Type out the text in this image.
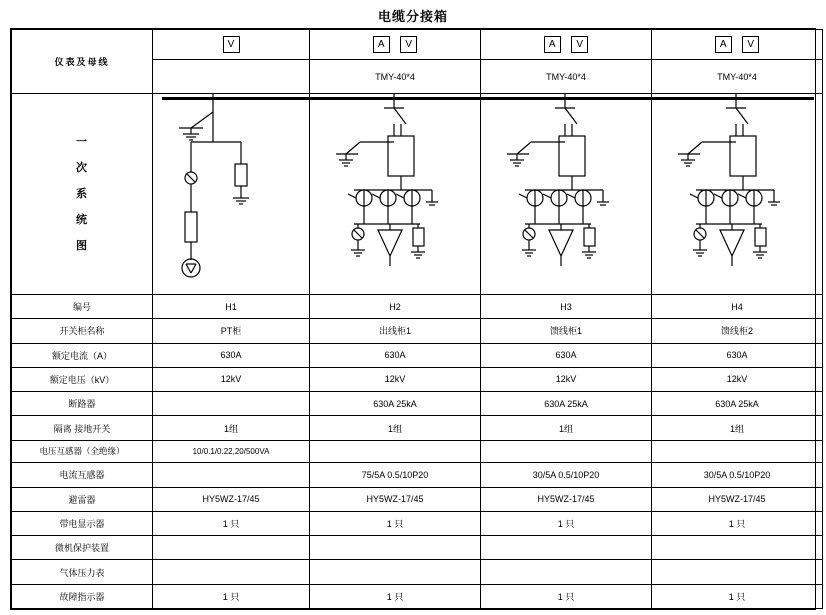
电缆分接箱
仪表及母线	V	A V	A V	A V
		TMY-40*4	TMY-40*4	TMY-40*4

一
次
系
统
图

编号	H1	H2	H3	H4
开关柜名称	PT柜	出线柜1	馈线柜1	馈线柜2
额定电流（A）	630A	630A	630A	630A
额定电压（kV）	12kV	12kV	12kV	12kV
断路器		630A 25kA	630A 25kA	630A 25kA
隔离 接地开关	1组	1组	1组	1组
电压互感器（全绝缘）	10/0.1/0.22,20/500VA			
电流互感器		75/5A 0.5/10P20	30/5A 0.5/10P20	30/5A 0.5/10P20
避雷器	HY5WZ-17/45	HY5WZ-17/45	HY5WZ-17/45	HY5WZ-17/45
带电显示器	1 只	1 只	1 只	1 只
微机保护装置				
气体压力表				
故障指示器	1 只	1 只	1 只	1 只
